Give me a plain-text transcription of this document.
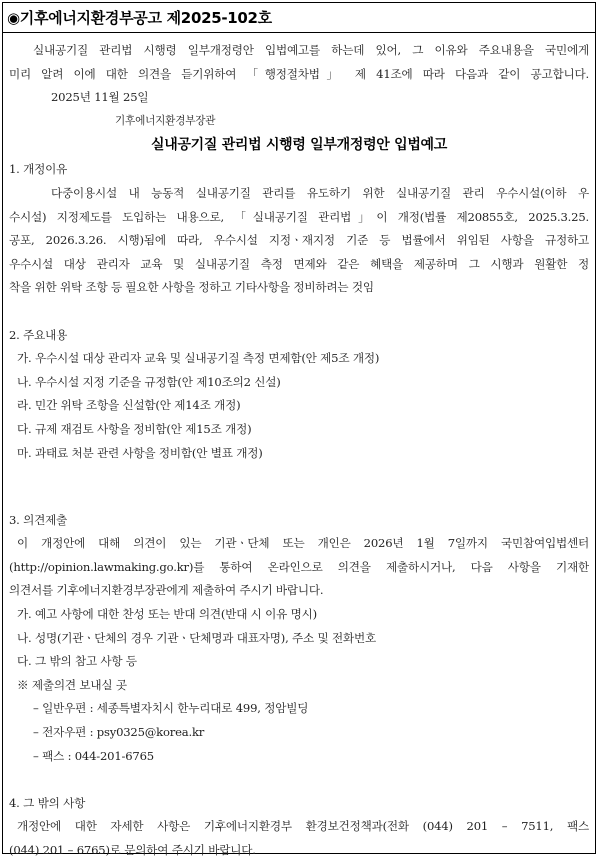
◉기후에너지환경부공고 제2025-102호
실내공기질 관리법 시행령 일부개정령안 입법예고를 하는데 있어, 그 이유와 주요내용을 국민에게
미리 알려 이에 대한 의견을 듣기위하여 「행정절차법」 제 41조에 따라 다음과 같이 공고합니다.
2025년 11월 25일
기후에너지환경부장관
실내공기질 관리법 시행령 일부개정령안 입법예고
1. 개정이유
다중이용시설 내 능동적 실내공기질 관리를 유도하기 위한 실내공기질 관리 우수시설(이하 우
수시설) 지정제도를 도입하는 내용으로, 「실내공기질 관리법」이 개정(법률 제20855호, 2025.3.25.
공포, 2026.3.26. 시행)됨에 따라, 우수시설 지정ㆍ재지정 기준 등 법률에서 위임된 사항을 규정하고
우수시설 대상 관리자 교육 및 실내공기질 측정 면제와 같은 혜택을 제공하며 그 시행과 원활한 정
착을 위한 위탁 조항 등 필요한 사항을 정하고 기타사항을 정비하려는 것임
2. 주요내용
가. 우수시설 대상 관리자 교육 및 실내공기질 측정 면제함(안 제5조 개정)
나. 우수시설 지정 기준을 규정함(안 제10조의2 신설)
라. 민간 위탁 조항을 신설함(안 제14조 개정)
다. 규제 재검토 사항을 정비함(안 제15조 개정)
마. 과태료 처분 관련 사항을 정비함(안 별표 개정)
3. 의견제출
이 개정안에 대해 의견이 있는 기관ㆍ단체 또는 개인은 2026년 1월 7일까지 국민참여입법센터
(http://opinion.lawmaking.go.kr)를 통하여 온라인으로 의견을 제출하시거나, 다음 사항을 기재한
의견서를 기후에너지환경부장관에게 제출하여 주시기 바랍니다.
가. 예고 사항에 대한 찬성 또는 반대 의견(반대 시 이유 명시)
나. 성명(기관ㆍ단체의 경우 기관ㆍ단체명과 대표자명), 주소 및 전화번호
다. 그 밖의 참고 사항 등
※ 제출의견 보내실 곳
– 일반우편 : 세종특별자치시 한누리대로 499, 정암빌딩
– 전자우편 : psy0325@korea.kr
– 팩스 : 044-201-6765
4. 그 밖의 사항
개정안에 대한 자세한 사항은 기후에너지환경부 환경보건정책과(전화 (044) 201 – 7511, 팩스
(044) 201 – 6765)로 문의하여 주시기 바랍니다.
